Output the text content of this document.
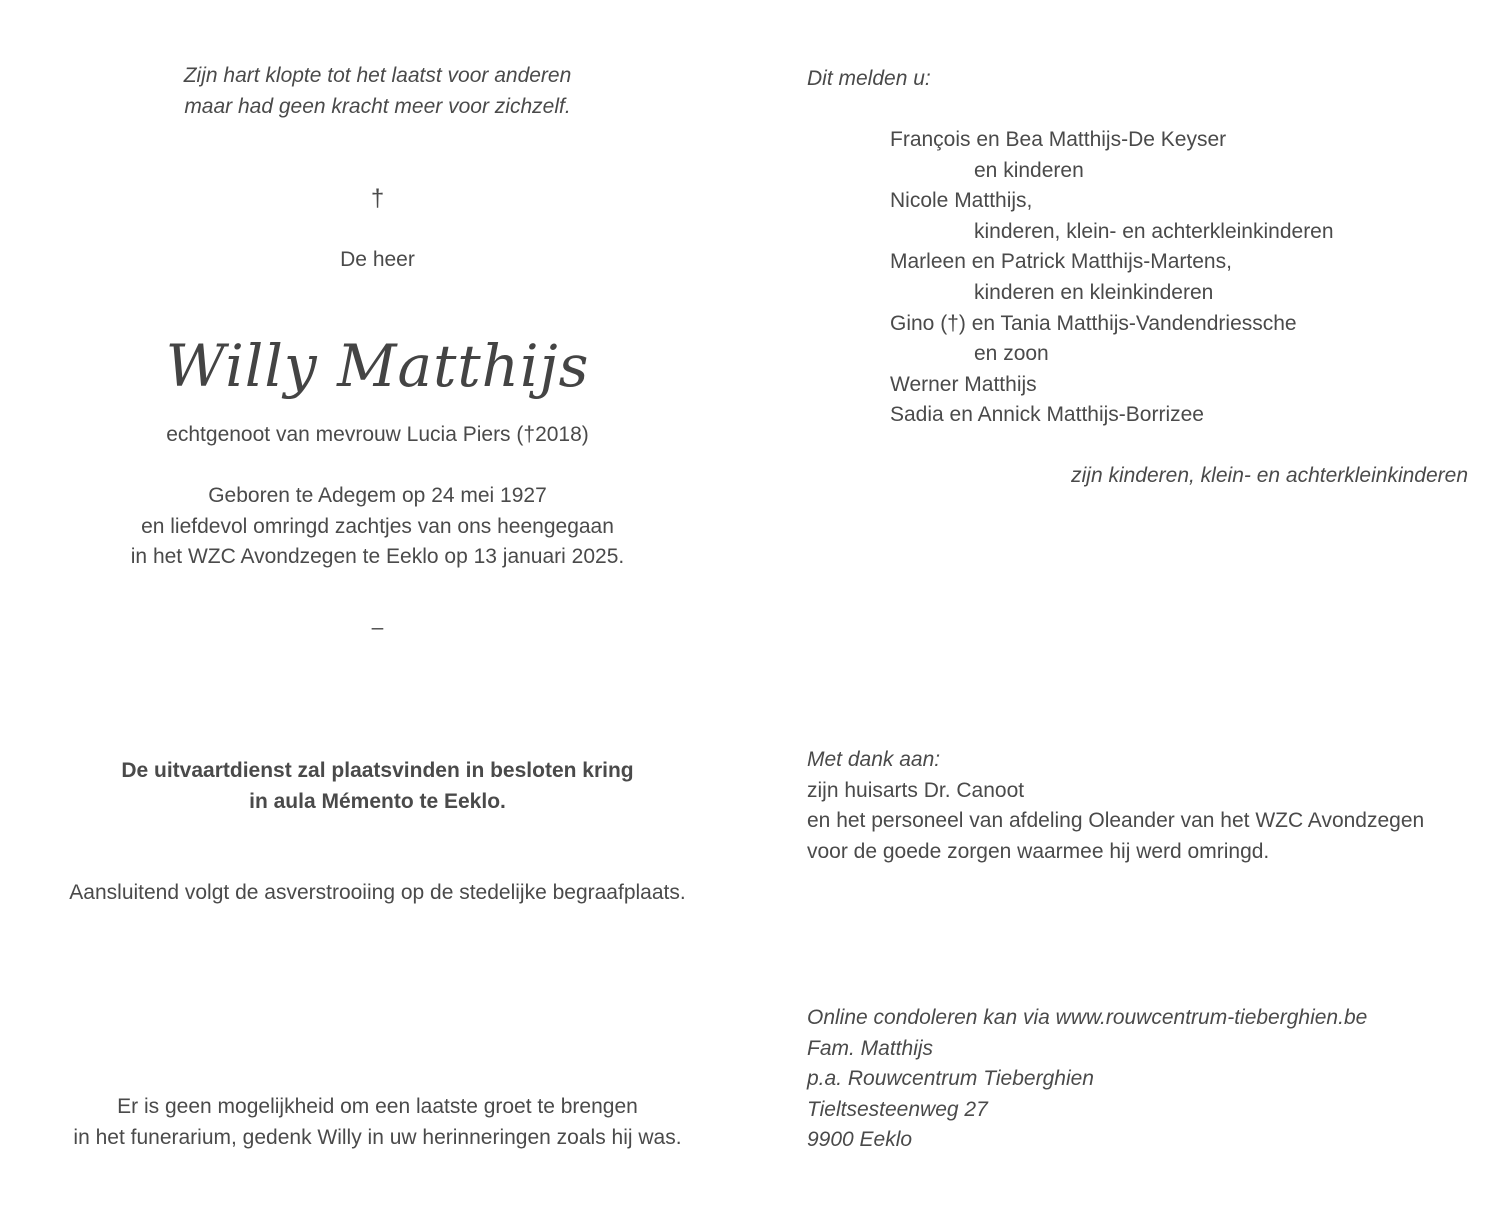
Zijn hart klopte tot het laatst voor anderen
maar had geen kracht meer voor zichzelf.
†
De heer
Willy Matthijs
echtgenoot van mevrouw Lucia Piers (†2018)
Geboren te Adegem op 24 mei 1927
en liefdevol omringd zachtjes van ons heengegaan
in het WZC Avondzegen te Eeklo op 13 januari 2025.
–
De uitvaartdienst zal plaatsvinden in besloten kring
in aula Mémento te Eeklo.
Aansluitend volgt de asverstrooiing op de stedelijke begraafplaats.
Er is geen mogelijkheid om een laatste groet te brengen
in het funerarium, gedenk Willy in uw herinneringen zoals hij was.
Dit melden u:
François en Bea Matthijs-De Keyser
en kinderen
Nicole Matthijs,
kinderen, klein- en achterkleinkinderen
Marleen en Patrick Matthijs-Martens,
kinderen en kleinkinderen
Gino (†) en Tania Matthijs-Vandendriessche
en zoon
Werner Matthijs
Sadia en Annick Matthijs-Borrizee
zijn kinderen, klein- en achterkleinkinderen
Met dank aan:
zijn huisarts Dr. Canoot
en het personeel van afdeling Oleander van het WZC Avondzegen
voor de goede zorgen waarmee hij werd omringd.
Online condoleren kan via www.rouwcentrum-tieberghien.be
Fam. Matthijs
p.a. Rouwcentrum Tieberghien
Tieltsesteenweg 27
9900 Eeklo
